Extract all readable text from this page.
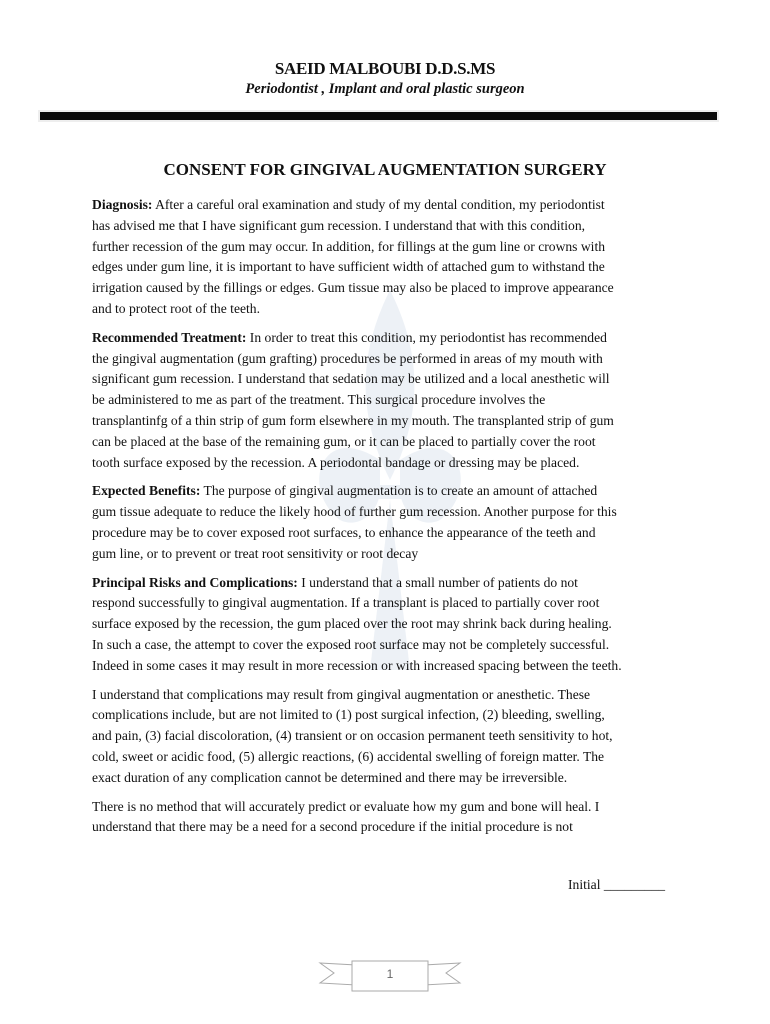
SAEID MALBOUBI D.D.S.MS
Periodontist , Implant and oral plastic surgeon
CONSENT FOR GINGIVAL AUGMENTATION SURGERY
Diagnosis: After a careful oral examination and study of my dental condition, my periodontist
has advised me that I have significant gum recession. I understand that with this condition,
further recession of the gum may occur. In addition, for fillings at the gum line or crowns with
edges under gum line, it is important to have sufficient width of attached gum to withstand the
irrigation caused by the fillings or edges. Gum tissue may also be placed to improve appearance
and to protect root of the teeth.
Recommended Treatment: In order to treat this condition, my periodontist has recommended
the gingival augmentation (gum grafting) procedures be performed in areas of my mouth with
significant gum recession. I understand that sedation may be utilized and a local anesthetic will
be administered to me as part of the treatment. This surgical procedure involves the
transplantinfg of a thin strip of gum form elsewhere in my mouth. The transplanted strip of gum
can be placed at the base of the remaining gum, or it can be placed to partially cover the root
tooth surface exposed by the recession. A periodontal bandage or dressing may be placed.
Expected Benefits: The purpose of gingival augmentation is to create an amount of attached
gum tissue adequate to reduce the likely hood of further gum recession. Another purpose for this
procedure may be to cover exposed root surfaces, to enhance the appearance of the teeth and
gum line, or to prevent or treat root sensitivity or root decay
Principal Risks and Complications: I understand that a small number of patients do not
respond successfully to gingival augmentation. If a transplant is placed to partially cover root
surface exposed by the recession, the gum placed over the root may shrink back during healing.
In such a case, the attempt to cover the exposed root surface may not be completely successful.
Indeed in some cases it may result in more recession or with increased spacing between the teeth.
I understand that complications may result from gingival augmentation or anesthetic. These
complications include, but are not limited to (1) post surgical infection, (2) bleeding, swelling,
and pain, (3) facial discoloration, (4) transient or on occasion permanent teeth sensitivity to hot,
cold, sweet or acidic food, (5) allergic reactions, (6) accidental swelling of foreign matter. The
exact duration of any complication cannot be determined and there may be irreversible.
There is no method that will accurately predict or evaluate how my gum and bone will heal. I
understand that there may be a need for a second procedure if the initial procedure is not
Initial _________
1
